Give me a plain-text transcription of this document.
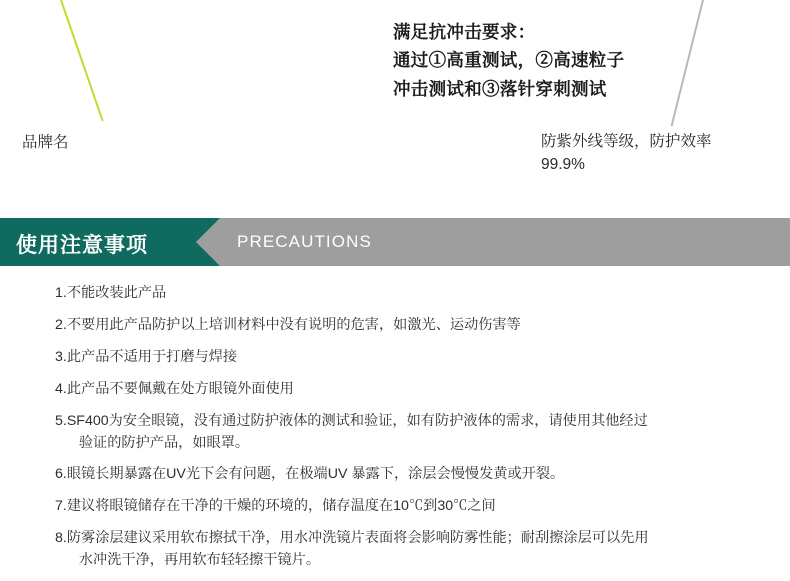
满足抗冲击要求：
通过①高重测试，②高速粒子
冲击测试和③落针穿刺测试
品牌名	防紫外线等级，防护效率
99.9%
使用注意事项	PRECAUTIONS
1. 不能改装此产品
2. 不要用此产品防护以上培训材料中没有说明的危害，如激光、运动伤害等
3. 此产品不适用于打磨与焊接
4. 此产品不要佩戴在处方眼镜外面使用
5. SF400为安全眼镜，没有通过防护液体的测试和验证，如有防护液体的需求，请使用其他经过
验证的防护产品，如眼罩。
6. 眼镜长期暴露在UV光下会有问题，在极端UV 暴露下，涂层会慢慢发黄或开裂。
7. 建议将眼镜储存在干净的干燥的环境的，储存温度在10℃到30℃之间
8. 防雾涂层建议采用软布擦拭干净，用水冲洗镜片表面将会影响防雾性能；耐刮擦涂层可以先用
水冲洗干净，再用软布轻轻擦干镜片。
